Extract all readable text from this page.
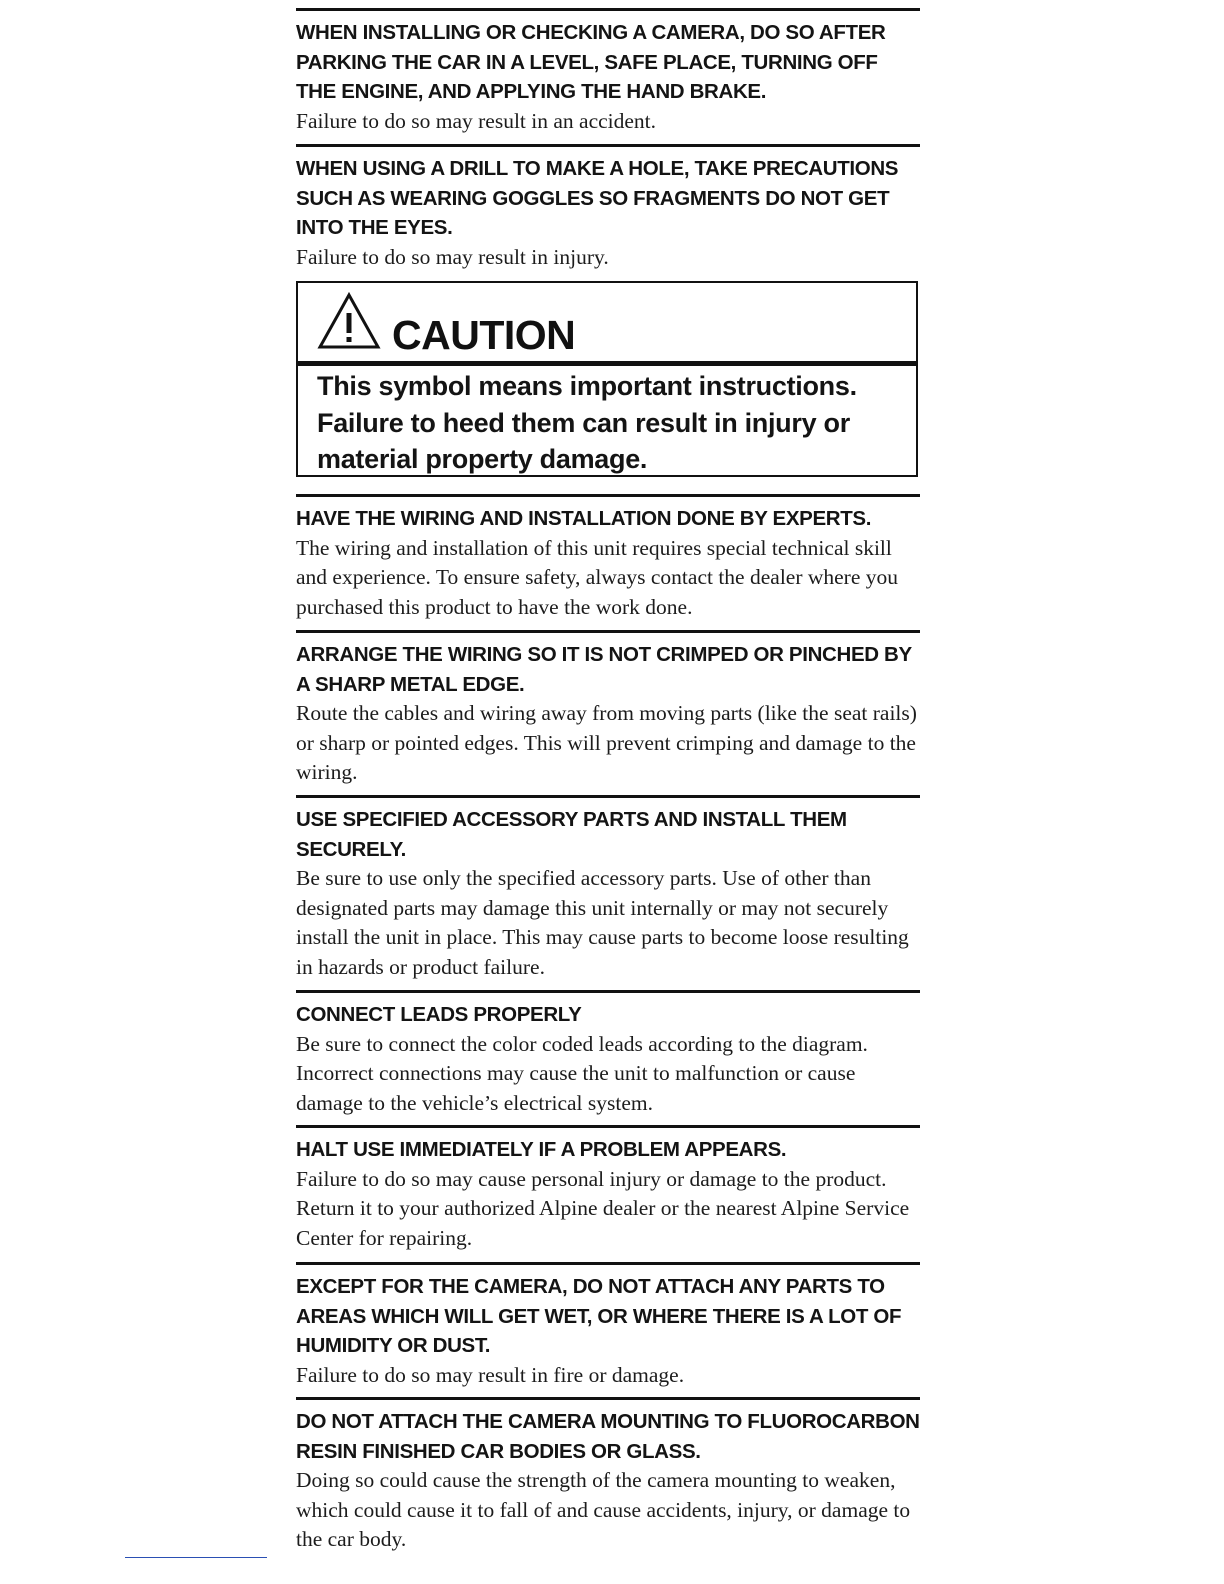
WHEN INSTALLING OR CHECKING A CAMERA, DO SO AFTER PARKING THE CAR IN A LEVEL, SAFE PLACE, TURNING OFF THE ENGINE, AND APPLYING THE HAND BRAKE.

Failure to do so may result in an accident.

WHEN USING A DRILL TO MAKE A HOLE, TAKE PRECAUTIONS SUCH AS WEARING GOGGLES SO FRAGMENTS DO NOT GET INTO THE EYES.

Failure to do so may result in injury.

CAUTION

This symbol means important instructions. Failure to heed them can result in injury or material property damage.

HAVE THE WIRING AND INSTALLATION DONE BY EXPERTS.

The wiring and installation of this unit requires special technical skill and experience. To ensure safety, always contact the dealer where you purchased this product to have the work done.

ARRANGE THE WIRING SO IT IS NOT CRIMPED OR PINCHED BY A SHARP METAL EDGE.

Route the cables and wiring away from moving parts (like the seat rails) or sharp or pointed edges. This will prevent crimping and damage to the wiring.

USE SPECIFIED ACCESSORY PARTS AND INSTALL THEM SECURELY.

Be sure to use only the specified accessory parts. Use of other than designated parts may damage this unit internally or may not securely install the unit in place. This may cause parts to become loose resulting in hazards or product failure.

CONNECT LEADS PROPERLY

Be sure to connect the color coded leads according to the diagram. Incorrect connections may cause the unit to malfunction or cause damage to the vehicle’s electrical system.

HALT USE IMMEDIATELY IF A PROBLEM APPEARS.

Failure to do so may cause personal injury or damage to the product. Return it to your authorized Alpine dealer or the nearest Alpine Service Center for repairing.

EXCEPT FOR THE CAMERA, DO NOT ATTACH ANY PARTS TO AREAS WHICH WILL GET WET, OR WHERE THERE IS A LOT OF HUMIDITY OR DUST.

Failure to do so may result in fire or damage.

DO NOT ATTACH THE CAMERA MOUNTING TO FLUOROCARBON RESIN FINISHED CAR BODIES OR GLASS.

Doing so could cause the strength of the camera mounting to weaken, which could cause it to fall of and cause accidents, injury, or damage to the car body.
